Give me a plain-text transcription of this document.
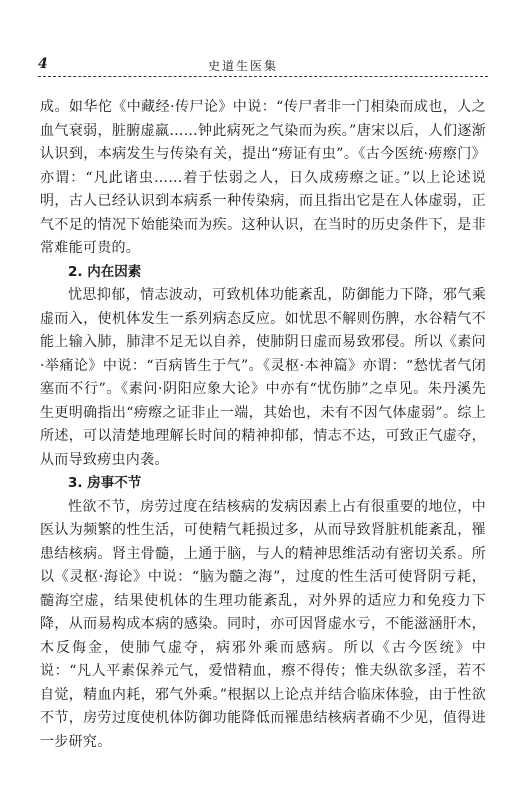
4	史道生医集

成。如华佗《中藏经·传尸论》中说：“传尸者非一门相染而成也，人之血气衰弱，脏腑虚羸……钟此病死之气染而为疾。”唐宋以后，人们逐渐认识到，本病发生与传染有关，提出“痨证有虫”。《古今医统·痨瘵门》亦谓：“凡此诸虫……着于怯弱之人，日久成痨瘵之证。”以上论述说明，古人已经认识到本病系一种传染病，而且指出它是在人体虚弱，正气不足的情况下始能染而为疾。这种认识，在当时的历史条件下，是非常难能可贵的。

2. 内在因素

忧思抑郁，情志波动，可致机体功能紊乱，防御能力下降，邪气乘虚而入，使机体发生一系列病态反应。如忧思不解则伤脾，水谷精气不能上输入肺，肺津不足无以自养，使肺阴日虚而易致邪侵。所以《素问·举痛论》中说：“百病皆生于气”。《灵枢·本神篇》亦谓：“愁忧者气闭塞而不行”。《素问·阴阳应象大论》中亦有“忧伤肺”之卓见。朱丹溪先生更明确指出“痨瘵之证非止一端，其始也，未有不因气体虚弱”。综上所述，可以清楚地理解长时间的精神抑郁，情志不达，可致正气虚夺，从而导致痨虫内袭。

3. 房事不节

性欲不节，房劳过度在结核病的发病因素上占有很重要的地位，中医认为频繁的性生活，可使精气耗损过多，从而导致肾脏机能紊乱，罹患结核病。肾主骨髓，上通于脑，与人的精神思维活动有密切关系。所以《灵枢·海论》中说：“脑为髓之海”，过度的性生活可使肾阴亏耗，髓海空虚，结果使机体的生理功能紊乱，对外界的适应力和免疫力下降，从而易构成本病的感染。同时，亦可因肾虚水亏，不能滋涵肝木，木反侮金，使肺气虚夺，病邪外乘而感病。所以《古今医统》中说：“凡人平素保养元气，爱惜精血，瘵不得传；惟夫纵欲多淫，若不自觉，精血内耗，邪气外乘。”根据以上论点并结合临床体验，由于性欲不节，房劳过度使机体防御功能降低而罹患结核病者确不少见，值得进一步研究。
